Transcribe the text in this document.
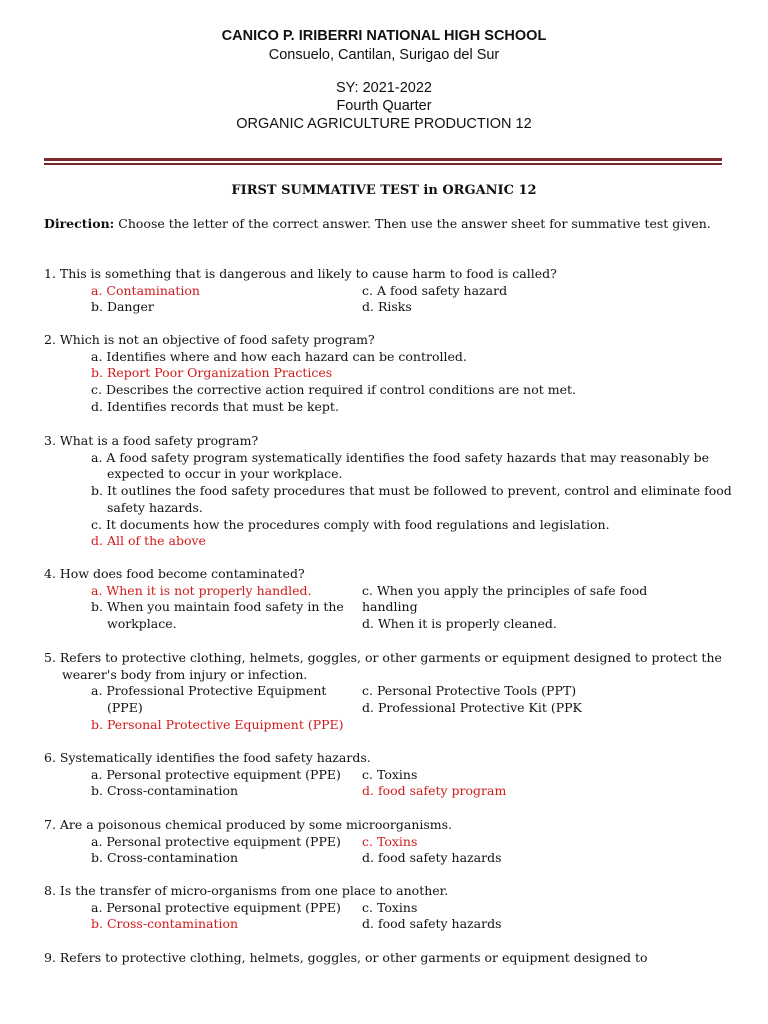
CANICO P. IRIBERRI NATIONAL HIGH SCHOOL
Consuelo, Cantilan, Surigao del Sur
SY: 2021-2022
Fourth Quarter
ORGANIC AGRICULTURE PRODUCTION 12
FIRST SUMMATIVE TEST in ORGANIC 12
Direction: Choose the letter of the correct answer. Then use the answer sheet for summative test given.
1. This is something that is dangerous and likely to cause harm to food is called?
a. Contamination	c. A food safety hazard
b. Danger	d. Risks
2. Which is not an objective of food safety program?
a. Identifies where and how each hazard can be controlled.
b. Report Poor Organization Practices
c. Describes the corrective action required if control conditions are not met.
d. Identifies records that must be kept.
3. What is a food safety program?
a. A food safety program systematically identifies the food safety hazards that may reasonably be expected to occur in your workplace.
b. It outlines the food safety procedures that must be followed to prevent, control and eliminate food safety hazards.
c. It documents how the procedures comply with food regulations and legislation.
d. All of the above
4. How does food become contaminated?
a. When it is not properly handled.
b. When you maintain food safety in the workplace.
c. When you apply the principles of safe food handling
d. When it is properly cleaned.
5. Refers to protective clothing, helmets, goggles, or other garments or equipment designed to protect the wearer's body from injury or infection.
a. Professional Protective Equipment (PPE)
b. Personal Protective Equipment (PPE)
c. Personal Protective Tools (PPT)
d. Professional Protective Kit (PPK
6. Systematically identifies the food safety hazards.
a. Personal protective equipment (PPE)	c. Toxins
b. Cross-contamination	d. food safety program
7. Are a poisonous chemical produced by some microorganisms.
a. Personal protective equipment (PPE)	c. Toxins
b. Cross-contamination	d. food safety hazards
8. Is the transfer of micro-organisms from one place to another.
a. Personal protective equipment (PPE)	c. Toxins
b. Cross-contamination	d. food safety hazards
9. Refers to protective clothing, helmets, goggles, or other garments or equipment designed to
